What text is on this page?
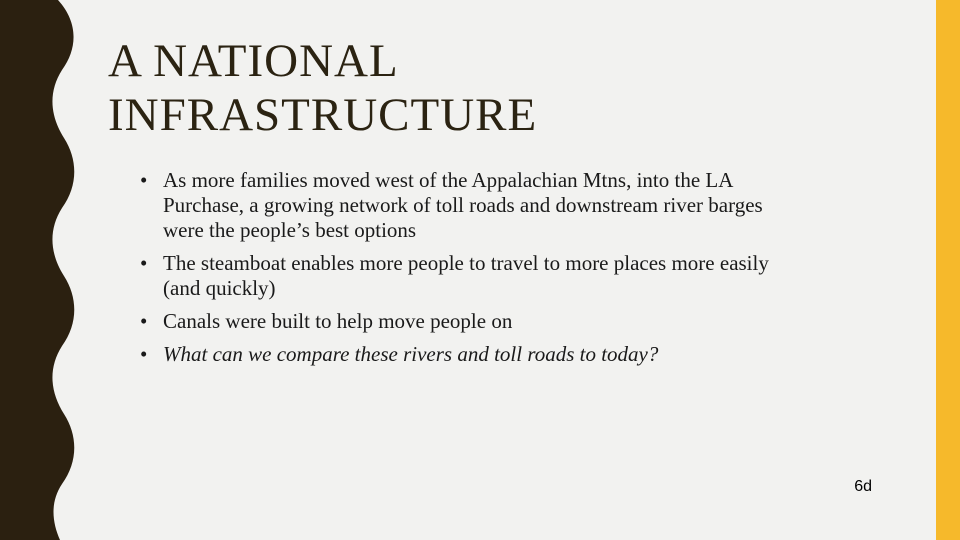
A NATIONAL
INFRASTRUCTURE
• As more families moved west of the Appalachian Mtns, into the LA Purchase, a growing network of toll roads and downstream river barges were the people’s best options
• The steamboat enables more people to travel to more places more easily (and quickly)
• Canals were built to help move people on
• What can we compare these rivers and toll roads to today?
6d
